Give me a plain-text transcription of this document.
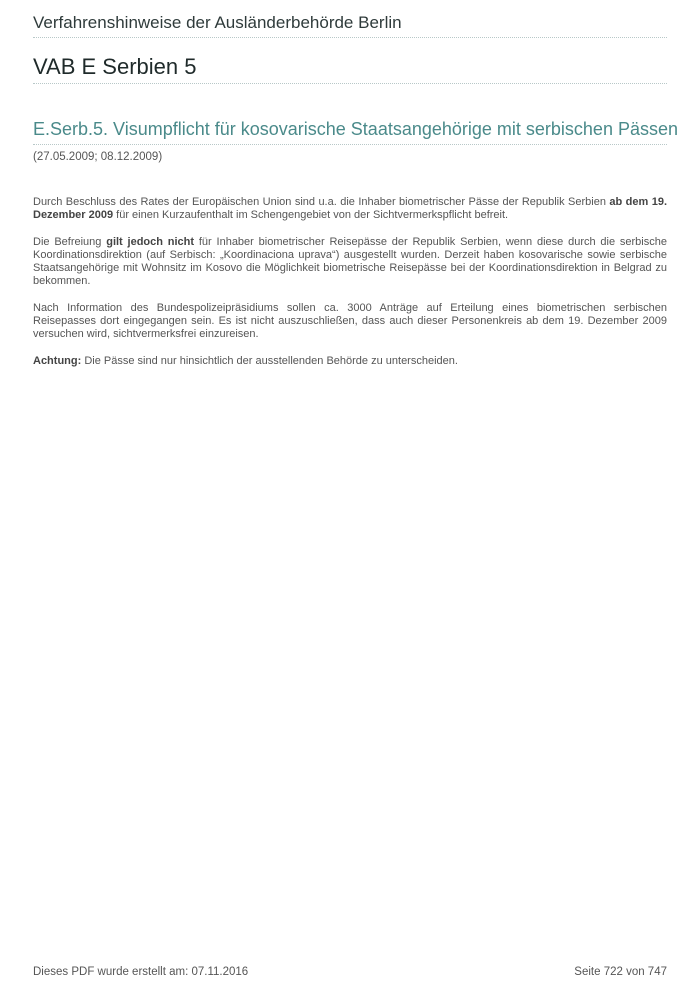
Verfahrenshinweise der Ausländerbehörde Berlin
VAB E Serbien 5
E.Serb.5. Visumpflicht für kosovarische Staatsangehörige mit serbischen Pässen
(27.05.2009; 08.12.2009)

Durch Beschluss des Rates der Europäischen Union sind u.a. die Inhaber biometrischer Pässe der Republik Serbien ab dem 19. Dezember 2009 für einen Kurzaufenthalt im Schengengebiet von der Sichtvermerkspflicht befreit.

Die Befreiung gilt jedoch nicht für Inhaber biometrischer Reisepässe der Republik Serbien, wenn diese durch die serbische Koordinationsdirektion (auf Serbisch: „Koordinaciona uprava“) ausgestellt wurden. Derzeit haben kosovarische sowie serbische Staatsangehörige mit Wohnsitz im Kosovo die Möglichkeit biometrische Reisepässe bei der Koordinationsdirektion in Belgrad zu bekommen.

Nach Information des Bundespolizeipräsidiums sollen ca. 3000 Anträge auf Erteilung eines biometrischen serbischen Reisepasses dort eingegangen sein. Es ist nicht auszuschließen, dass auch dieser Personenkreis ab dem 19. Dezember 2009 versuchen wird, sichtvermerksfrei einzureisen.

Achtung: Die Pässe sind nur hinsichtlich der ausstellenden Behörde zu unterscheiden.

Dieses PDF wurde erstellt am: 07.11.2016	Seite 722 von 747
